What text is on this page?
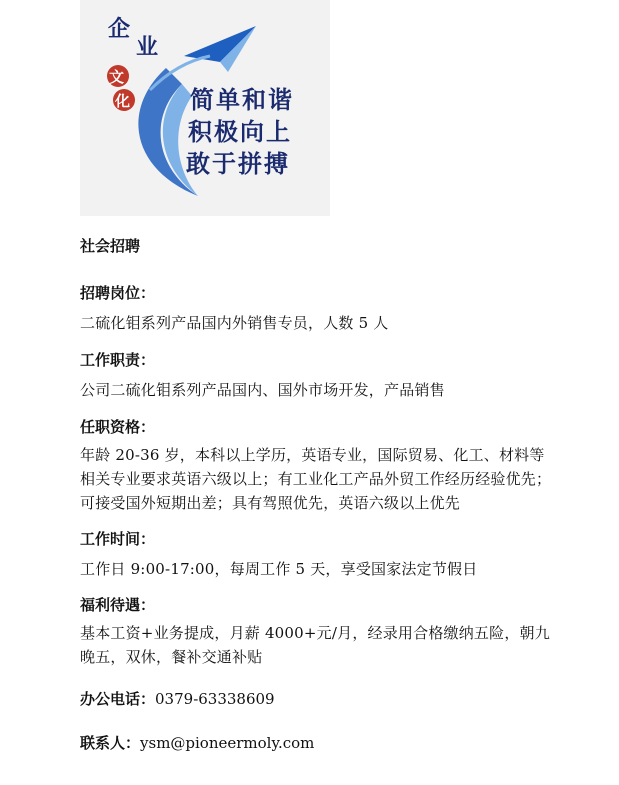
企
业
文
化 简单和谐
积极向上
敢于拼搏

社会招聘

招聘岗位：

二硫化钼系列产品国内外销售专员，人数 5 人

工作职责：

公司二硫化钼系列产品国内、国外市场开发，产品销售

任职资格：

年龄 20-36 岁，本科以上学历，英语专业，国际贸易、化工、材料等

相关专业要求英语六级以上；有工业化工产品外贸工作经历经验优先；

可接受国外短期出差；具有驾照优先，英语六级以上优先

工作时间：

工作日 9:00-17:00，每周工作 5 天，享受国家法定节假日

福利待遇：

基本工资+业务提成，月薪 4000+元/月，经录用合格缴纳五险，朝九

晚五，双休，餐补交通补贴

办公电话：0379-63338609

联系人：ysm@pioneermoly.com
